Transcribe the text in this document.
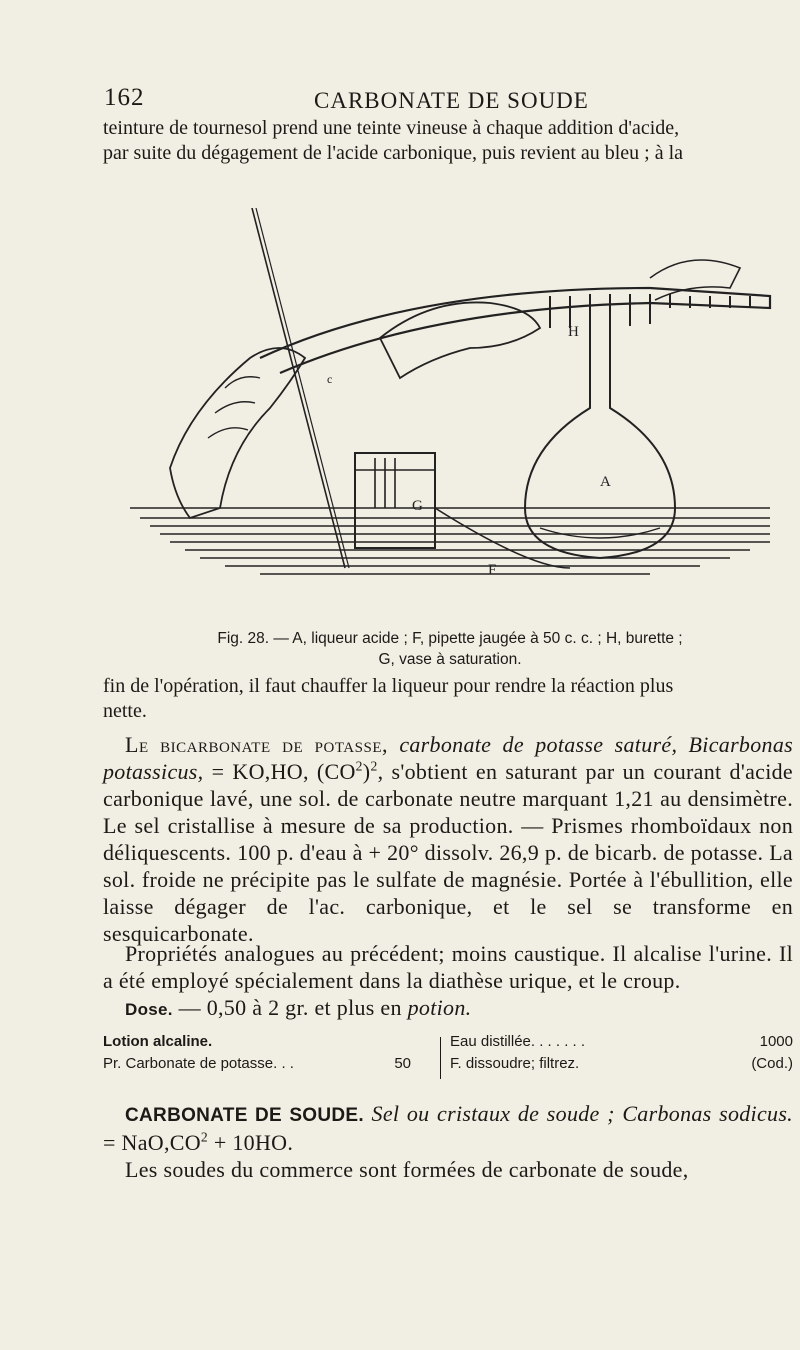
162	CARBONATE DE SOUDE

teinture de tournesol prend une teinte vineuse à chaque addition d'acide,
par suite du dégagement de l'acide carbonique, puis revient au bleu ; à la

A
F
H
G
c

Fig. 28. — A, liqueur acide ; F, pipette jaugée à 50 c. c. ; H, burette ;
G, vase à saturation.

fin de l'opération, il faut chauffer la liqueur pour rendre la réaction plus
nette.

Le bicarbonate de potasse, carbonate de potasse saturé, Bicarbonas potassicus, = KO,HO, $(CO^2)^2$, s'obtient en saturant par un courant d'acide carbonique lavé, une sol. de carbonate neutre marquant 1,21 au densimètre. Le sel cristallise à mesure de sa production. — Prismes rhomboïdaux non déliquescents. 100 p. d'eau à + 20° dissolv. 26,9 p. de bicarb. de potasse. La sol. froide ne précipite pas le sulfate de magnésie. Portée à l'ébullition, elle laisse dégager de l'ac. carbonique, et le sel se transforme en sesquicarbonate.

Propriétés analogues au précédent; moins caustique. Il alcalise l'urine. Il a été employé spécialement dans la diathèse urique, et le croup.
Dose. — 0,50 à 2 gr. et plus en potion.

Lotion alcaline.
Pr. Carbonate de potasse. . .	50
Eau distillée. . . . . . .	1000
F. dissoudre; filtrez.	(Cod.)

CARBONATE DE SOUDE. Sel ou cristaux de soude ; Carbonas sodicus. = $NaO,CO^2 + 10HO$.
Les soudes du commerce sont formées de carbonate de soude,
